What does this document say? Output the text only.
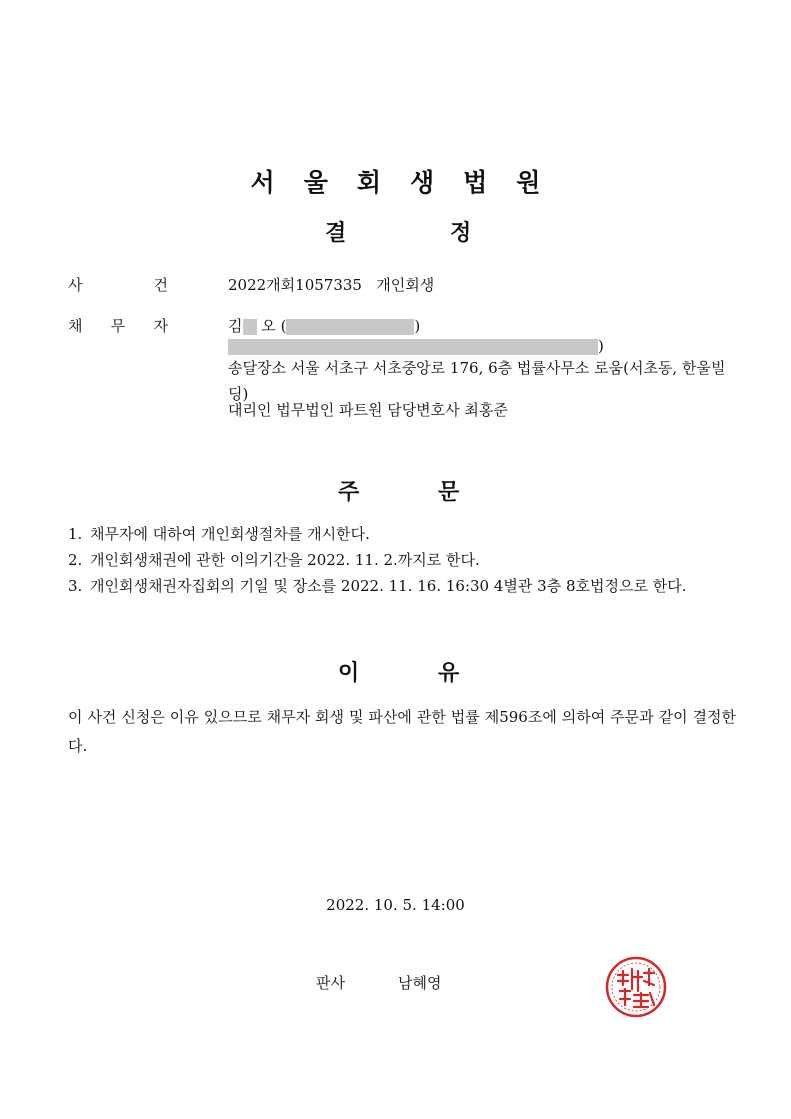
서울회생법원
결	정
사	건	2022개회1057335 개인회생
채 무 자	김 오 (	)
)
송달장소 서울 서초구 서초중앙로 176, 6층 법률사무소 로움(서초동, 한울빌딩)
대리인 법무법인 파트원 담당변호사 최홍준
주	문
1. 채무자에 대하여 개인회생절차를 개시한다.
2. 개인회생채권에 관한 이의기간을 2022. 11. 2.까지로 한다.
3. 개인회생채권자집회의 기일 및 장소를 2022. 11. 16. 16:30 4별관 3층 8호법정으로 한다.
이	유
이 사건 신청은 이유 있으므로 채무자 회생 및 파산에 관한 법률 제596조에 의하여 주문과 같이 결정한다.
2022. 10. 5. 14:00
판사	남혜영
